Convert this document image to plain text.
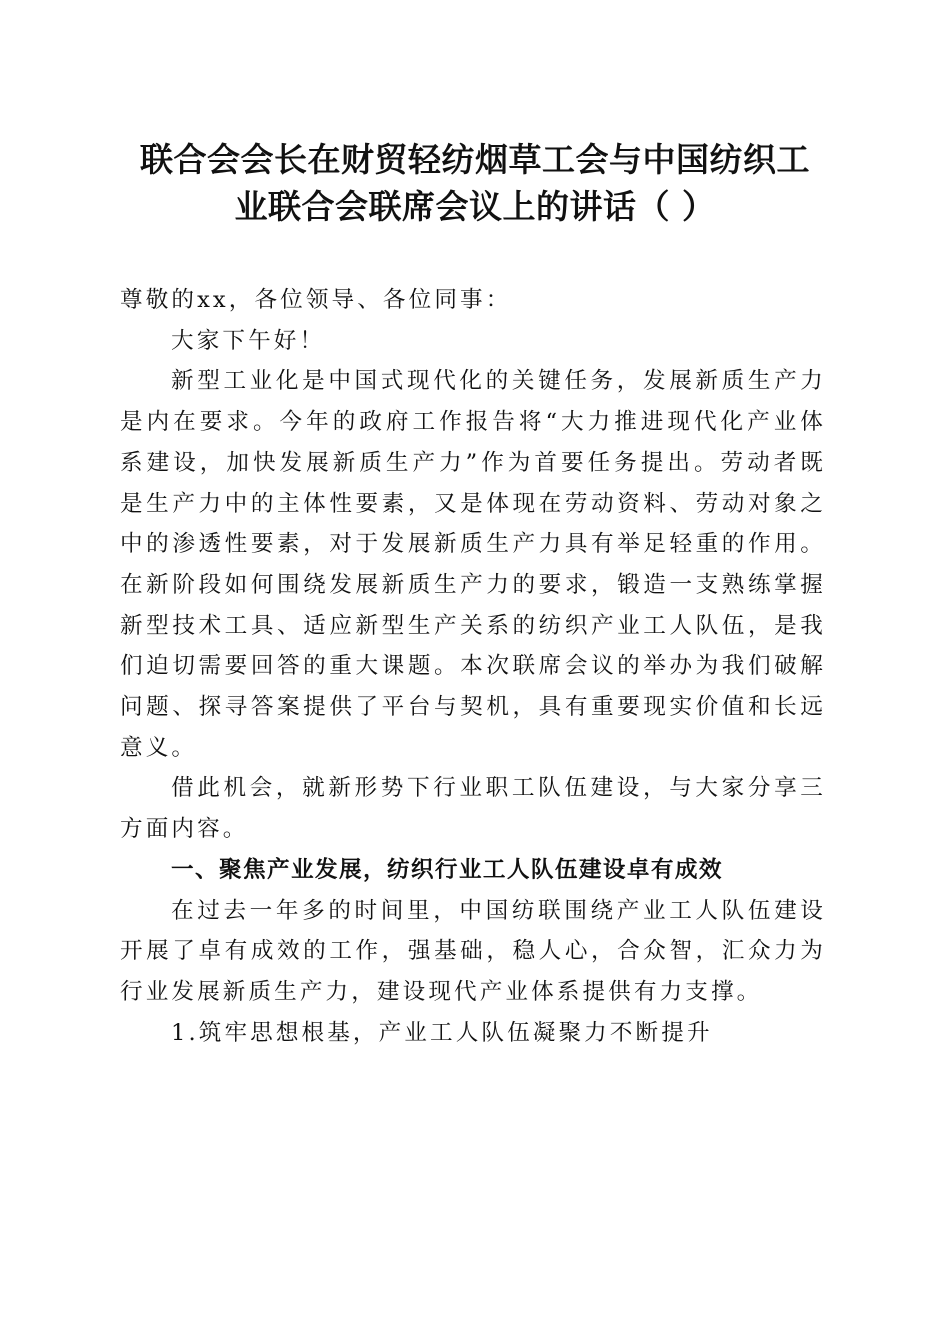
联合会会长在财贸轻纺烟草工会与中国纺织工
业联合会联席会议上的讲话（ ）

尊敬的xx，各位领导、各位同事：

大家下午好！

新型工业化是中国式现代化的关键任务，发展新质生产力是内在要求。今年的政府工作报告将“大力推进现代化产业体系建设，加快发展新质生产力”作为首要任务提出。劳动者既是生产力中的主体性要素，又是体现在劳动资料、劳动对象之中的渗透性要素，对于发展新质生产力具有举足轻重的作用。在新阶段如何围绕发展新质生产力的要求，锻造一支熟练掌握新型技术工具、适应新型生产关系的纺织产业工人队伍，是我们迫切需要回答的重大课题。本次联席会议的举办为我们破解问题、探寻答案提供了平台与契机，具有重要现实价值和长远意义。

借此机会，就新形势下行业职工队伍建设，与大家分享三方面内容。

一、聚焦产业发展，纺织行业工人队伍建设卓有成效

在过去一年多的时间里，中国纺联围绕产业工人队伍建设开展了卓有成效的工作，强基础，稳人心，合众智，汇众力为行业发展新质生产力，建设现代产业体系提供有力支撑。

1.筑牢思想根基，产业工人队伍凝聚力不断提升
